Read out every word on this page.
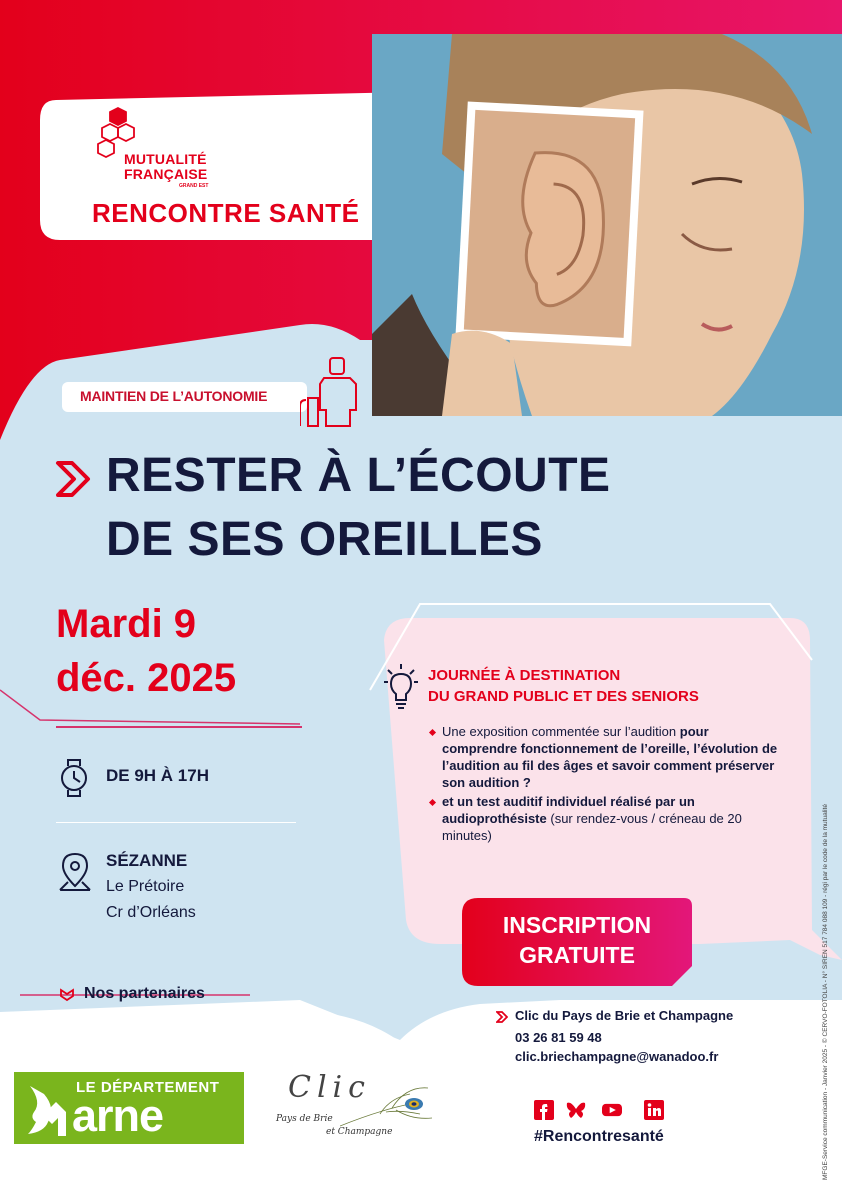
MUTUALITÉ
FRANÇAISE
GRAND EST
RENCONTRE SANTÉ
MAINTIEN DE L’AUTONOMIE
RESTER À L’ÉCOUTE
DE SES OREILLES
Mardi 9
déc. 2025
DE 9H À 17H
SÉZANNE
Le Prétoire
Cr d’Orléans
JOURNÉE À DESTINATION
DU GRAND PUBLIC ET DES SENIORS
Une exposition commentée sur l’audition pour comprendre fonctionnement de l’oreille, l’évolution de l’audition au fil des âges et savoir comment préserver son audition ?
et un test auditif individuel réalisé par un audioprothésiste (sur rendez-vous / créneau de 20 minutes)
INSCRIPTION
GRATUITE
Clic du Pays de Brie et Champagne
03 26 81 59 48
clic.briechampagne@wanadoo.fr
#Rencontresanté
Nos partenaires
LE DÉPARTEMENT
arne
Clic
Pays de Brie
et Champagne	MFGE-Service communication - Janvier 2025 - © CERVO-FOTOLIA - N° SIREN 517 784 088 109 - régi par le code de la mutualité
